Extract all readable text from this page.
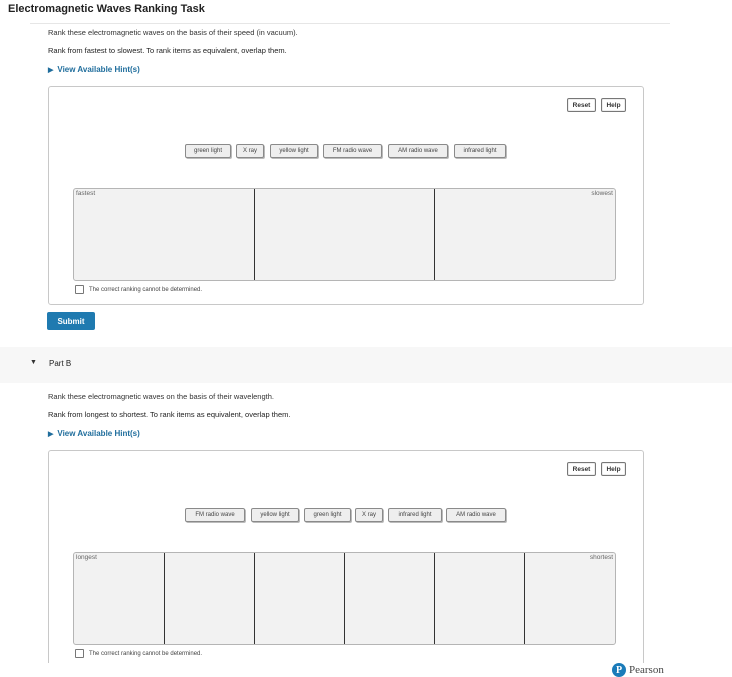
Electromagnetic Waves Ranking Task
Rank these electromagnetic waves on the basis of their speed (in vacuum).
Rank from fastest to slowest. To rank items as equivalent, overlap them.
▶ View Available Hint(s)
Reset	Help
green light	X ray	yellow light	FM radio wave	AM radio wave	infrared light
fastest	slowest
The correct ranking cannot be determined.
Submit
▼ Part B
Rank these electromagnetic waves on the basis of their wavelength.
Rank from longest to shortest. To rank items as equivalent, overlap them.
▶ View Available Hint(s)
Reset	Help
FM radio wave	yellow light	green light	X ray	infrared light	AM radio wave
longest	shortest
The correct ranking cannot be determined.
P Pearson
